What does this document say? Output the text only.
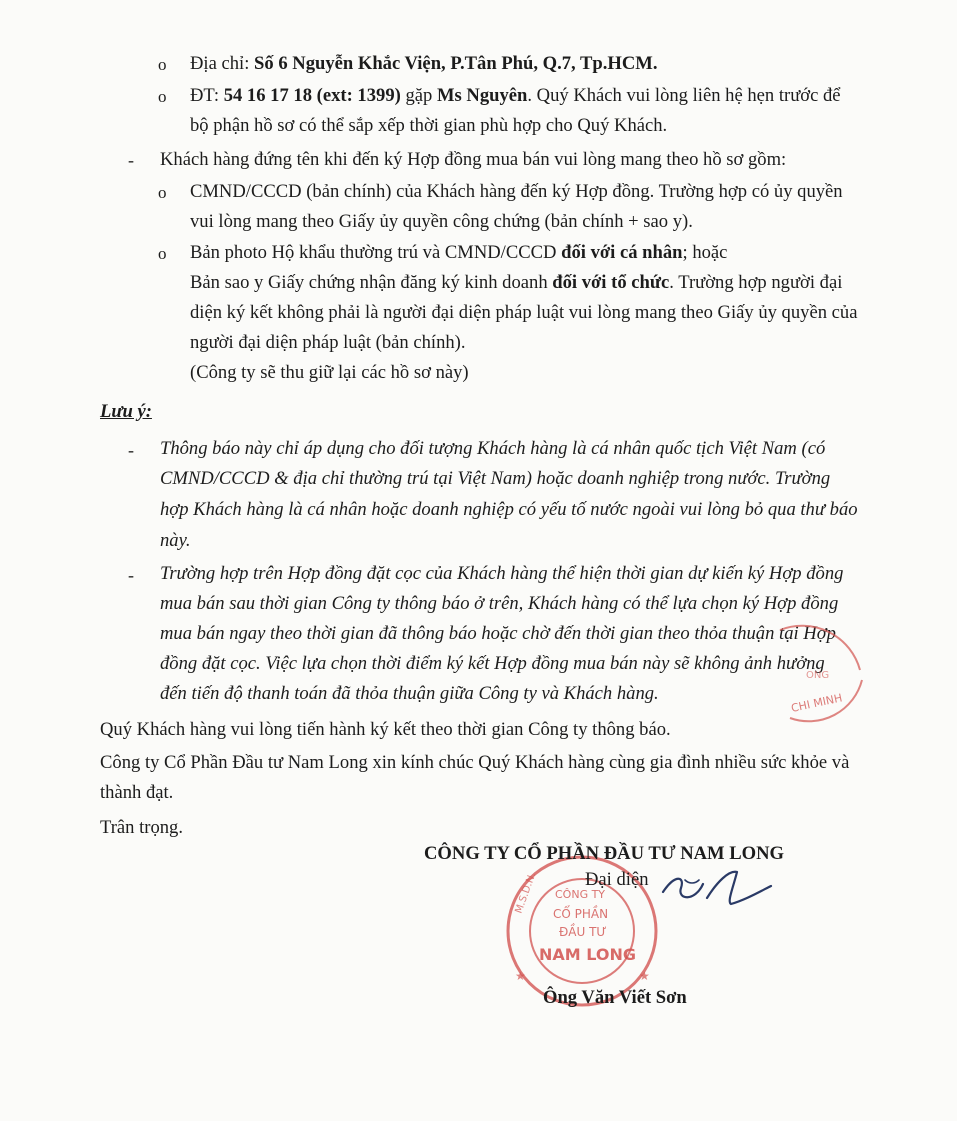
o Địa chỉ: Số 6 Nguyễn Khắc Viện, P.Tân Phú, Q.7, Tp.HCM.
o ĐT: 54 16 17 18 (ext: 1399) gặp Ms Nguyên. Quý Khách vui lòng liên hệ hẹn trước để
bộ phận hồ sơ có thể sắp xếp thời gian phù hợp cho Quý Khách.
- Khách hàng đứng tên khi đến ký Hợp đồng mua bán vui lòng mang theo hồ sơ gồm:
o CMND/CCCD (bản chính) của Khách hàng đến ký Hợp đồng. Trường hợp có ủy quyền
vui lòng mang theo Giấy ủy quyền công chứng (bản chính + sao y).
o Bản photo Hộ khẩu thường trú và CMND/CCCD đối với cá nhân; hoặc
Bản sao y Giấy chứng nhận đăng ký kinh doanh đối với tổ chức. Trường hợp người đại
diện ký kết không phải là người đại diện pháp luật vui lòng mang theo Giấy ủy quyền của
người đại diện pháp luật (bản chính).
(Công ty sẽ thu giữ lại các hồ sơ này)
Lưu ý:
- Thông báo này chỉ áp dụng cho đối tượng Khách hàng là cá nhân quốc tịch Việt Nam (có
CMND/CCCD & địa chỉ thường trú tại Việt Nam) hoặc doanh nghiệp trong nước. Trường
hợp Khách hàng là cá nhân hoặc doanh nghiệp có yếu tố nước ngoài vui lòng bỏ qua thư báo
này.
- Trường hợp trên Hợp đồng đặt cọc của Khách hàng thể hiện thời gian dự kiến ký Hợp đồng
mua bán sau thời gian Công ty thông báo ở trên, Khách hàng có thể lựa chọn ký Hợp đồng
mua bán ngay theo thời gian đã thông báo hoặc chờ đến thời gian theo thỏa thuận tại Hợp
đồng đặt cọc. Việc lựa chọn thời điểm ký kết Hợp đồng mua bán này sẽ không ảnh hưởng
đến tiến độ thanh toán đã thỏa thuận giữa Công ty và Khách hàng.	CHI MINH
ONG
Quý Khách hàng vui lòng tiến hành ký kết theo thời gian Công ty thông báo.
Công ty Cổ Phần Đầu tư Nam Long xin kính chúc Quý Khách hàng cùng gia đình nhiều sức khỏe và
thành đạt.
Trân trọng.
M.S.D.N.
★	★
CÔNG TY
CỔ PHẦN
ĐẦU TƯ
NAM LONG
CÔNG TY CỔ PHẦN ĐẦU TƯ NAM LONG
Đại diện
Ông Văn Viết Sơn
